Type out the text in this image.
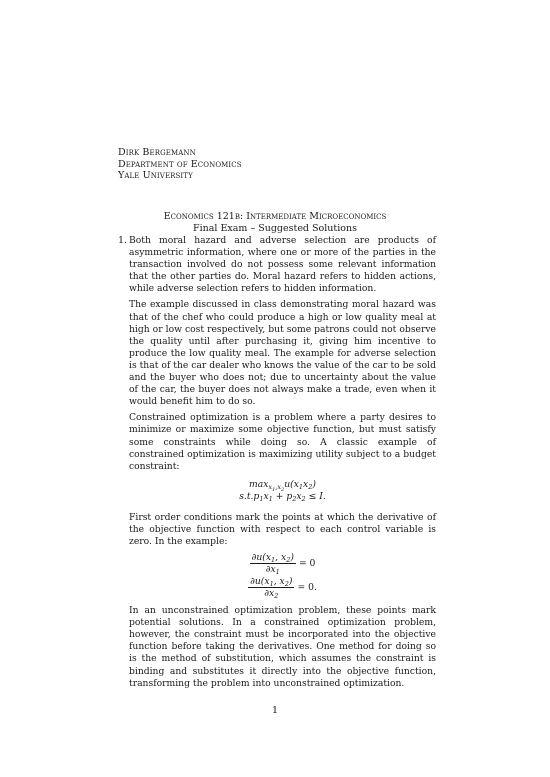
Dirk Bergemann
Department of Economics
Yale University
Economics 121b: Intermediate Microeconomics
Final Exam – Suggested Solutions
1. Both moral hazard and adverse selection are products of asymmetric information, where one or more of the parties in the transaction involved do not possess some relevant information that the other parties do. Moral hazard refers to hidden actions, while adverse selection refers to hidden information.

The example discussed in class demonstrating moral hazard was that of the chef who could produce a high or low quality meal at high or low cost respectively, but some patrons could not observe the quality until after purchasing it, giving him incentive to produce the low quality meal. The example for adverse selection is that of the car dealer who knows the value of the car to be sold and the buyer who does not; due to uncertainty about the value of the car, the buyer does not always make a trade, even when it would benefit him to do so.

Constrained optimization is a problem where a party desires to minimize or maximize some objective function, but must satisfy some constraints while doing so. A classic example of constrained optimization is maximizing utility subject to a budget constraint:

$\max_{x_1,x_2}u(x_1x_2)$
$s.t.p_1x_1 + p_2x_2 \le I$.

First order conditions mark the points at which the derivative of the objective function with respect to each control variable is zero. In the example:

$\frac{\partial u(x_1, x_2)}{\partial x_1} = 0$
$\frac{\partial u(x_1, x_2)}{\partial x_2} = 0$.

In an unconstrained optimization problem, these points mark potential solutions. In a constrained optimization problem, however, the constraint must be incorporated into the objective function before taking the derivatives. One method for doing so is the method of substitution, which assumes the constraint is binding and substitutes it directly into the objective function, transforming the problem into unconstrained optimization.

1
